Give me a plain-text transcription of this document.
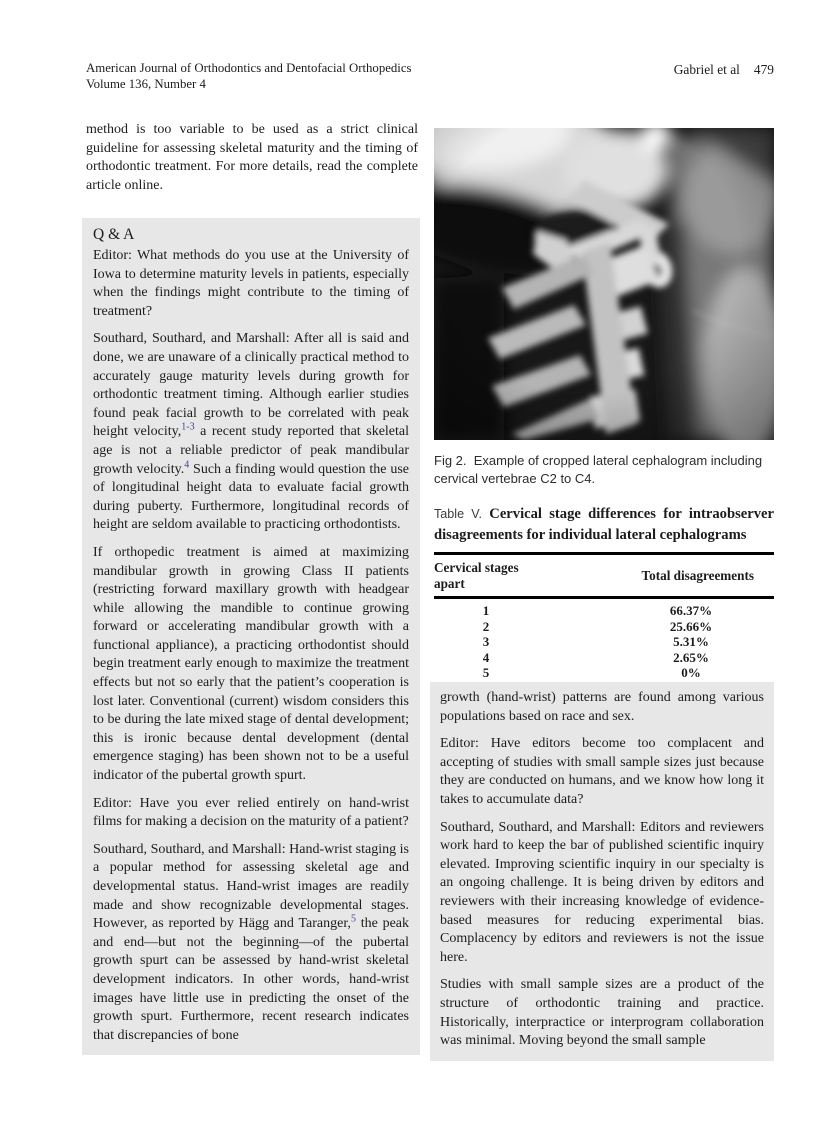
American Journal of Orthodontics and Dentofacial Orthopedics
Volume 136, Number 4
Gabriel et al 479

method is too variable to be used as a strict clinical guideline for assessing skeletal maturity and the timing of orthodontic treatment. For more details, read the complete article online.

Q & A

Editor: What methods do you use at the University of Iowa to determine maturity levels in patients, especially when the findings might contribute to the timing of treatment?

Southard, Southard, and Marshall: After all is said and done, we are unaware of a clinically practical method to accurately gauge maturity levels during growth for orthodontic treatment timing. Although earlier studies found peak facial growth to be correlated with peak height velocity,$^{1-3}$ a recent study reported that skeletal age is not a reliable predictor of peak mandibular growth velocity.$^4$ Such a finding would question the use of longitudinal height data to evaluate facial growth during puberty. Furthermore, longitudinal records of height are seldom available to practicing orthodontists.

If orthopedic treatment is aimed at maximizing mandibular growth in growing Class II patients (restricting forward maxillary growth with headgear while allowing the mandible to continue growing forward or accelerating mandibular growth with a functional appliance), a practicing orthodontist should begin treatment early enough to maximize the treatment effects but not so early that the patient’s cooperation is lost later. Conventional (current) wisdom considers this to be during the late mixed stage of dental development; this is ironic because dental development (dental emergence staging) has been shown not to be a useful indicator of the pubertal growth spurt.

Editor: Have you ever relied entirely on hand-wrist films for making a decision on the maturity of a patient?

Southard, Southard, and Marshall: Hand-wrist staging is a popular method for assessing skeletal age and developmental status. Hand-wrist images are readily made and show recognizable developmental stages. However, as reported by Hägg and Taranger,$^5$ the peak and end—but not the beginning—of the pubertal growth spurt can be assessed by hand-wrist skeletal development indicators. In other words, hand-wrist images have little use in predicting the onset of the growth spurt. Furthermore, recent research indicates that discrepancies of bone

Fig 2. Example of cropped lateral cephalogram including cervical vertebrae C2 to C4.

Table V. Cervical stage differences for intraobserver disagreements for individual lateral cephalograms

Cervical stages apart	Total disagreements
1	66.37%
2	25.66%
3	5.31%
4	2.65%
5	0%

growth (hand-wrist) patterns are found among various populations based on race and sex.

Editor: Have editors become too complacent and accepting of studies with small sample sizes just because they are conducted on humans, and we know how long it takes to accumulate data?

Southard, Southard, and Marshall: Editors and reviewers work hard to keep the bar of published scientific inquiry elevated. Improving scientific inquiry in our specialty is an ongoing challenge. It is being driven by editors and reviewers with their increasing knowledge of evidence-based measures for reducing experimental bias. Complacency by editors and reviewers is not the issue here.

Studies with small sample sizes are a product of the structure of orthodontic training and practice. Historically, interpractice or interprogram collaboration was minimal. Moving beyond the small sample
